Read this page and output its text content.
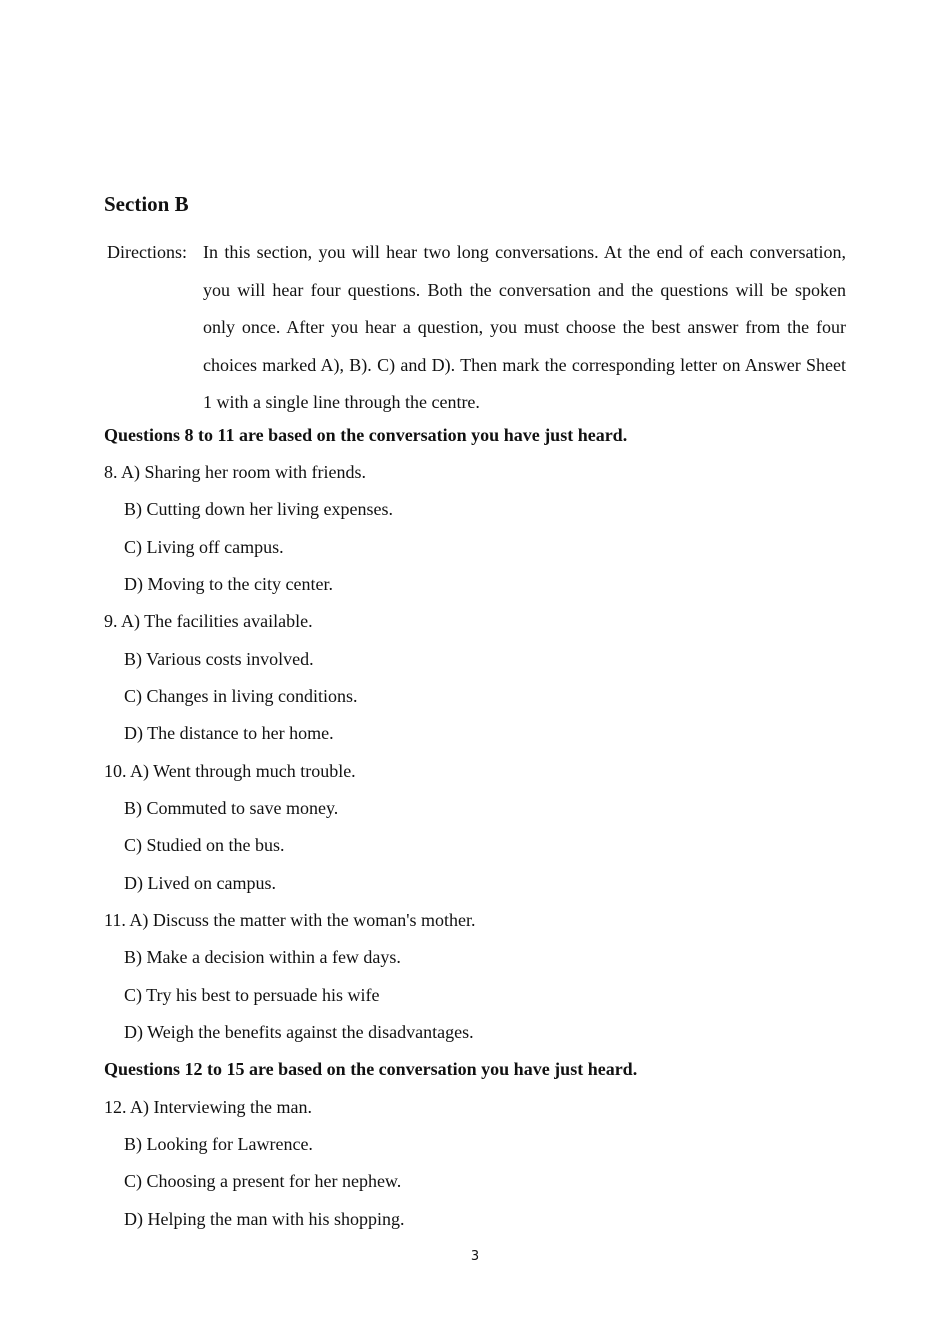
Section B
Directions: In this section, you will hear two long conversations. At the end of each conversation, you will hear four questions. Both the conversation and the questions will be spoken only once. After you hear a question, you must choose the best answer from the four choices marked A), B). C) and D). Then mark the corresponding letter on Answer Sheet 1 with a single line through the centre.
Questions 8 to 11 are based on the conversation you have just heard.
8. A) Sharing her room with friends.
B) Cutting down her living expenses.
C) Living off campus.
D) Moving to the city center.
9. A) The facilities available.
B) Various costs involved.
C) Changes in living conditions.
D) The distance to her home.
10. A) Went through much trouble.
B) Commuted to save money.
C) Studied on the bus.
D) Lived on campus.
11. A) Discuss the matter with the woman's mother.
B) Make a decision within a few days.
C) Try his best to persuade his wife
D) Weigh the benefits against the disadvantages.
Questions 12 to 15 are based on the conversation you have just heard.
12. A) Interviewing the man.
B) Looking for Lawrence.
C) Choosing a present for her nephew.
D) Helping the man with his shopping.
3
